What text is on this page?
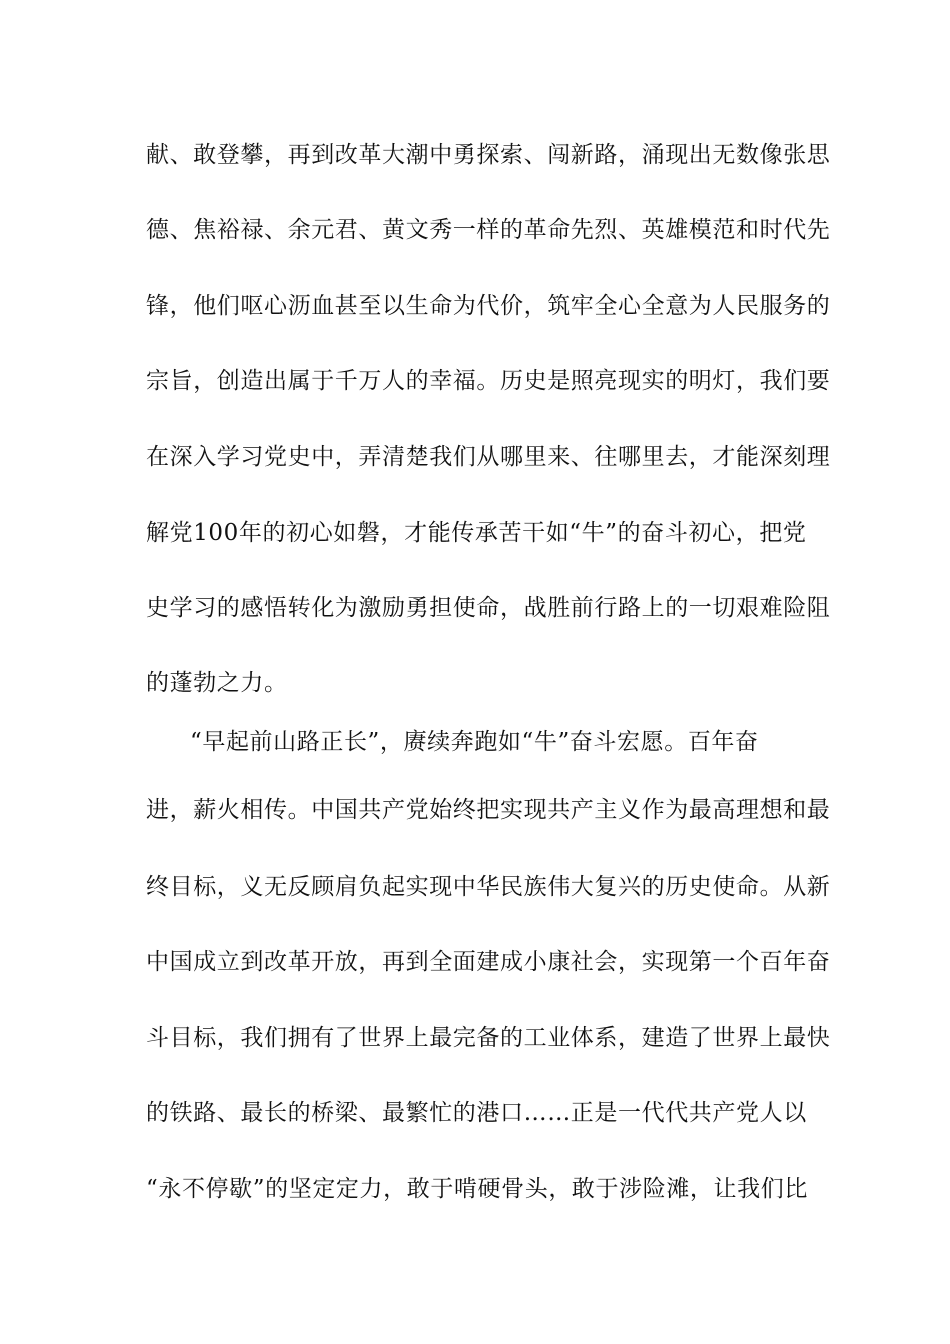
献、敢登攀，再到改革大潮中勇探索、闯新路，涌现出无数像张思
德、焦裕禄、余元君、黄文秀一样的革命先烈、英雄模范和时代先
锋，他们呕心沥血甚至以生命为代价，筑牢全心全意为人民服务的
宗旨，创造出属于千万人的幸福。历史是照亮现实的明灯，我们要
在深入学习党史中，弄清楚我们从哪里来、往哪里去，才能深刻理
解党100年的初心如磐，才能传承苦干如“牛”的奋斗初心，把党
史学习的感悟转化为激励勇担使命，战胜前行路上的一切艰难险阻
的蓬勃之力。
“早起前山路正长”，赓续奔跑如“牛”奋斗宏愿。百年奋
进，薪火相传。中国共产党始终把实现共产主义作为最高理想和最
终目标，义无反顾肩负起实现中华民族伟大复兴的历史使命。从新
中国成立到改革开放，再到全面建成小康社会，实现第一个百年奋
斗目标，我们拥有了世界上最完备的工业体系，建造了世界上最快
的铁路、最长的桥梁、最繁忙的港口……正是一代代共产党人以
“永不停歇”的坚定定力，敢于啃硬骨头，敢于涉险滩，让我们比
